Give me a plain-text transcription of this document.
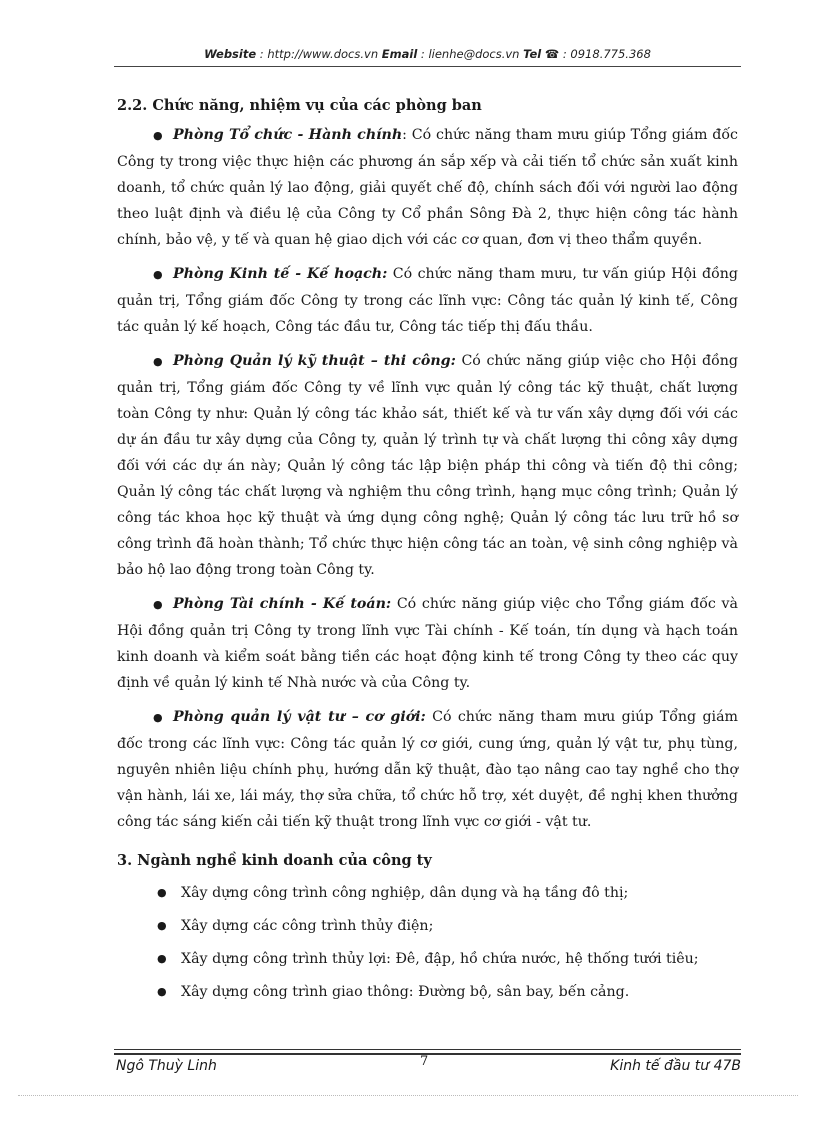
Website : http://www.docs.vn Email : lienhe@docs.vn Tel ☎ : 0918.775.368
2.2. Chức năng, nhiệm vụ của các phòng ban

● Phòng Tổ chức - Hành chính: Có chức năng tham mưu giúp Tổng giám đốc Công ty trong việc thực hiện các phương án sắp xếp và cải tiến tổ chức sản xuất kinh doanh, tổ chức quản lý lao động, giải quyết chế độ, chính sách đối với người lao động theo luật định và điều lệ của Công ty Cổ phần Sông Đà 2, thực hiện công tác hành chính, bảo vệ, y tế và quan hệ giao dịch với các cơ quan, đơn vị theo thẩm quyền.

● Phòng Kinh tế - Kế hoạch: Có chức năng tham mưu, tư vấn giúp Hội đồng quản trị, Tổng giám đốc Công ty trong các lĩnh vực: Công tác quản lý kinh tế, Công tác quản lý kế hoạch, Công tác đầu tư, Công tác tiếp thị đấu thầu.

● Phòng Quản lý kỹ thuật – thi công: Có chức năng giúp việc cho Hội đồng quản trị, Tổng giám đốc Công ty về lĩnh vực quản lý công tác kỹ thuật, chất lượng toàn Công ty như: Quản lý công tác khảo sát, thiết kế và tư vấn xây dựng đối với các dự án đầu tư xây dựng của Công ty, quản lý trình tự và chất lượng thi công xây dựng đối với các dự án này; Quản lý công tác lập biện pháp thi công và tiến độ thi công; Quản lý công tác chất lượng và nghiệm thu công trình, hạng mục công trình; Quản lý công tác khoa học kỹ thuật và ứng dụng công nghệ; Quản lý công tác lưu trữ hồ sơ công trình đã hoàn thành; Tổ chức thực hiện công tác an toàn, vệ sinh công nghiệp và bảo hộ lao động trong toàn Công ty.

● Phòng Tài chính - Kế toán: Có chức năng giúp việc cho Tổng giám đốc và Hội đồng quản trị Công ty trong lĩnh vực Tài chính - Kế toán, tín dụng và hạch toán kinh doanh và kiểm soát bằng tiền các hoạt động kinh tế trong Công ty theo các quy định về quản lý kinh tế Nhà nước và của Công ty.

● Phòng quản lý vật tư – cơ giới: Có chức năng tham mưu giúp Tổng giám đốc trong các lĩnh vực: Công tác quản lý cơ giới, cung ứng, quản lý vật tư, phụ tùng, nguyên nhiên liệu chính phụ, hướng dẫn kỹ thuật, đào tạo nâng cao tay nghề cho thợ vận hành, lái xe, lái máy, thợ sửa chữa, tổ chức hỗ trợ, xét duyệt, đề nghị khen thưởng công tác sáng kiến cải tiến kỹ thuật trong lĩnh vực cơ giới - vật tư.

3. Ngành nghề kinh doanh của công ty
●	Xây dựng công trình công nghiệp, dân dụng và hạ tầng đô thị;
●	Xây dựng các công trình thủy điện;
●	Xây dựng công trình thủy lợi: Đê, đập, hồ chứa nước, hệ thống tưới tiêu;
●	Xây dựng công trình giao thông: Đường bộ, sân bay, bến cảng.
Ngô Thuỳ Linh	7	Kinh tế đầu tư 47B
